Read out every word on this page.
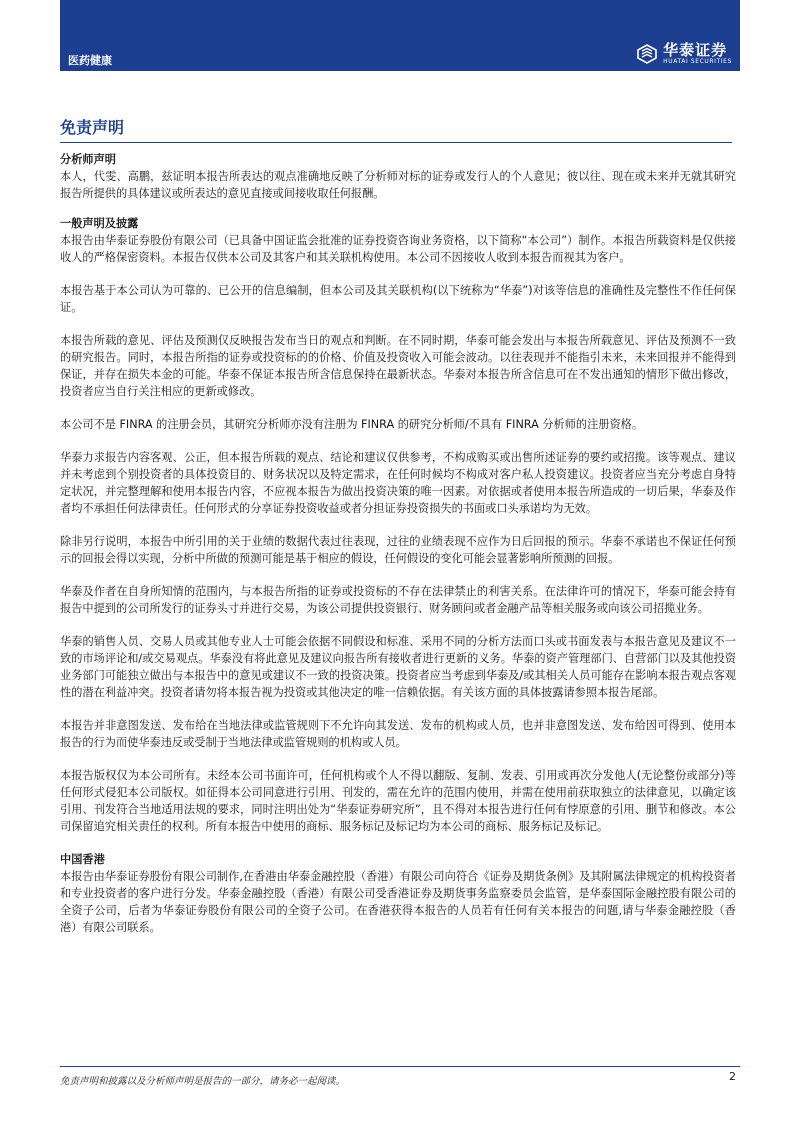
医药健康
华泰证券
HUATAI SECURITIES
免责声明

分析师声明

本人，代雯、高鹏，兹证明本报告所表达的观点准确地反映了分析师对标的证券或发行人的个人意见；彼以往、现在或未来并无就其研究报告所提供的具体建议或所表达的意见直接或间接收取任何报酬。

一般声明及披露

本报告由华泰证券股份有限公司（已具备中国证监会批准的证券投资咨询业务资格，以下简称“本公司”）制作。本报告所载资料是仅供接收人的严格保密资料。本报告仅供本公司及其客户和其关联机构使用。本公司不因接收人收到本报告而视其为客户。

本报告基于本公司认为可靠的、已公开的信息编制，但本公司及其关联机构(以下统称为“华泰”)对该等信息的准确性及完整性不作任何保证。

本报告所载的意见、评估及预测仅反映报告发布当日的观点和判断。在不同时期，华泰可能会发出与本报告所载意见、评估及预测不一致的研究报告。同时，本报告所指的证券或投资标的的价格、价值及投资收入可能会波动。以往表现并不能指引未来，未来回报并不能得到保证，并存在损失本金的可能。华泰不保证本报告所含信息保持在最新状态。华泰对本报告所含信息可在不发出通知的情形下做出修改，投资者应当自行关注相应的更新或修改。

本公司不是 FINRA 的注册会员，其研究分析师亦没有注册为 FINRA 的研究分析师/不具有 FINRA 分析师的注册资格。

华泰力求报告内容客观、公正，但本报告所载的观点、结论和建议仅供参考，不构成购买或出售所述证券的要约或招揽。该等观点、建议并未考虑到个别投资者的具体投资目的、财务状况以及特定需求，在任何时候均不构成对客户私人投资建议。投资者应当充分考虑自身特定状况，并完整理解和使用本报告内容，不应视本报告为做出投资决策的唯一因素。对依据或者使用本报告所造成的一切后果，华泰及作者均不承担任何法律责任。任何形式的分享证券投资收益或者分担证券投资损失的书面或口头承诺均为无效。

除非另行说明，本报告中所引用的关于业绩的数据代表过往表现，过往的业绩表现不应作为日后回报的预示。华泰不承诺也不保证任何预示的回报会得以实现，分析中所做的预测可能是基于相应的假设，任何假设的变化可能会显著影响所预测的回报。

华泰及作者在自身所知情的范围内，与本报告所指的证券或投资标的不存在法律禁止的利害关系。在法律许可的情况下，华泰可能会持有报告中提到的公司所发行的证券头寸并进行交易，为该公司提供投资银行、财务顾问或者金融产品等相关服务或向该公司招揽业务。

华泰的销售人员、交易人员或其他专业人士可能会依据不同假设和标准、采用不同的分析方法而口头或书面发表与本报告意见及建议不一致的市场评论和/或交易观点。华泰没有将此意见及建议向报告所有接收者进行更新的义务。华泰的资产管理部门、自营部门以及其他投资业务部门可能独立做出与本报告中的意见或建议不一致的投资决策。投资者应当考虑到华泰及/或其相关人员可能存在影响本报告观点客观性的潜在利益冲突。投资者请勿将本报告视为投资或其他决定的唯一信赖依据。有关该方面的具体披露请参照本报告尾部。

本报告并非意图发送、发布给在当地法律或监管规则下不允许向其发送、发布的机构或人员，也并非意图发送、发布给因可得到、使用本报告的行为而使华泰违反或受制于当地法律或监管规则的机构或人员。

本报告版权仅为本公司所有。未经本公司书面许可，任何机构或个人不得以翻版、复制、发表、引用或再次分发他人(无论整份或部分)等任何形式侵犯本公司版权。如征得本公司同意进行引用、刊发的，需在允许的范围内使用，并需在使用前获取独立的法律意见，以确定该引用、刊发符合当地适用法规的要求，同时注明出处为“华泰证券研究所”，且不得对本报告进行任何有悖原意的引用、删节和修改。本公司保留追究相关责任的权利。所有本报告中使用的商标、服务标记及标记均为本公司的商标、服务标记及标记。

中国香港

本报告由华泰证券股份有限公司制作,在香港由华泰金融控股（香港）有限公司向符合《证券及期货条例》及其附属法律规定的机构投资者和专业投资者的客户进行分发。华泰金融控股（香港）有限公司受香港证券及期货事务监察委员会监管，是华泰国际金融控股有限公司的全资子公司，后者为华泰证券股份有限公司的全资子公司。在香港获得本报告的人员若有任何有关本报告的问题,请与华泰金融控股（香港）有限公司联系。

免责声明和披露以及分析师声明是报告的一部分，请务必一起阅读。	2
